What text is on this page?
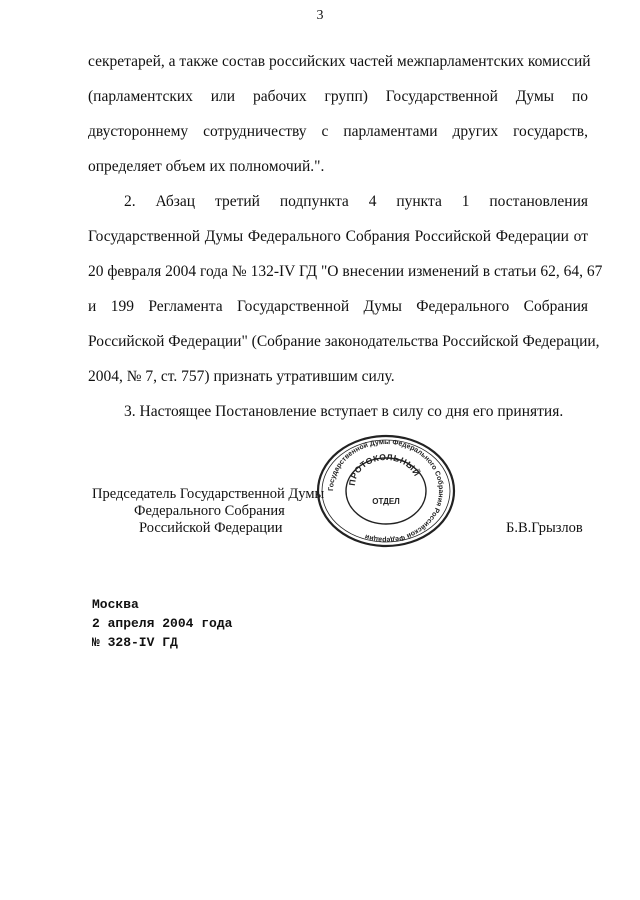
3
секретарей, а также состав российских частей межпарламентских комиссий
(парламентских или рабочих групп) Государственной Думы по
двустороннему сотрудничеству с парламентами других государств,
определяет объем их полномочий.".
2. Абзац третий подпункта 4 пункта 1 постановления
Государственной Думы Федерального Собрания Российской Федерации от
20 февраля 2004 года № 132-IV ГД "О внесении изменений в статьи 62, 64, 67
и 199 Регламента Государственной Думы Федерального Собрания
Российской Федерации" (Собрание законодательства Российской Федерации,
2004, № 7, ст. 757) признать утратившим силу.
3. Настоящее Постановление вступает в силу со дня его принятия.
Председатель Государственной Думы
Федерального Собрания
Российской Федерации	Б.В.Грызлов
Государственной Думы Федерального Собрания Российской Федерации
ПРОТОКОЛЬНЫЙ
ОТДЕЛ
Москва
2 апреля 2004 года
№ 328-IV ГД
